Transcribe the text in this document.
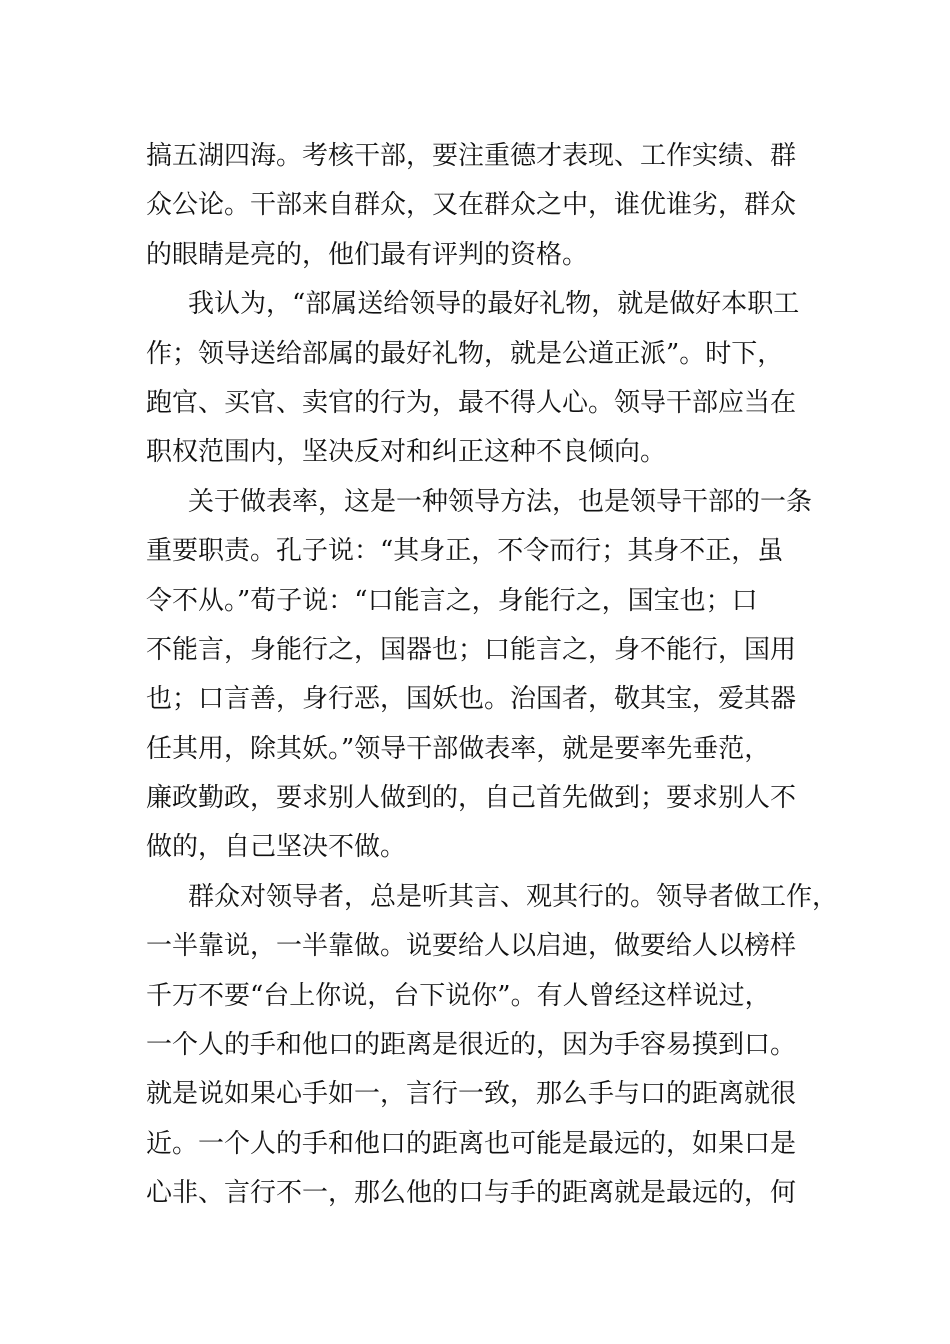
搞五湖四海。考核干部，要注重德才表现、工作实绩、群
众公论。干部来自群众，又在群众之中，谁优谁劣，群众
的眼睛是亮的，他们最有评判的资格。
我认为，“部属送给领导的最好礼物，就是做好本职工
作；领导送给部属的最好礼物，就是公道正派”。时下，
跑官、买官、卖官的行为，最不得人心。领导干部应当在
职权范围内，坚决反对和纠正这种不良倾向。
关于做表率，这是一种领导方法，也是领导干部的一条
重要职责。孔子说：“其身正，不令而行；其身不正，虽
令不从。”荀子说：“口能言之，身能行之，国宝也；口
不能言，身能行之，国器也；口能言之，身不能行，国用
也；口言善，身行恶，国妖也。治国者，敬其宝，爱其器
任其用，除其妖。”领导干部做表率，就是要率先垂范，
廉政勤政，要求别人做到的，自己首先做到；要求别人不
做的，自己坚决不做。
群众对领导者，总是听其言、观其行的。领导者做工作，
一半靠说，一半靠做。说要给人以启迪，做要给人以榜样
千万不要“台上你说，台下说你”。有人曾经这样说过，
一个人的手和他口的距离是很近的，因为手容易摸到口。
就是说如果心手如一，言行一致，那么手与口的距离就很
近。一个人的手和他口的距离也可能是最远的，如果口是
心非、言行不一，那么他的口与手的距离就是最远的，何
